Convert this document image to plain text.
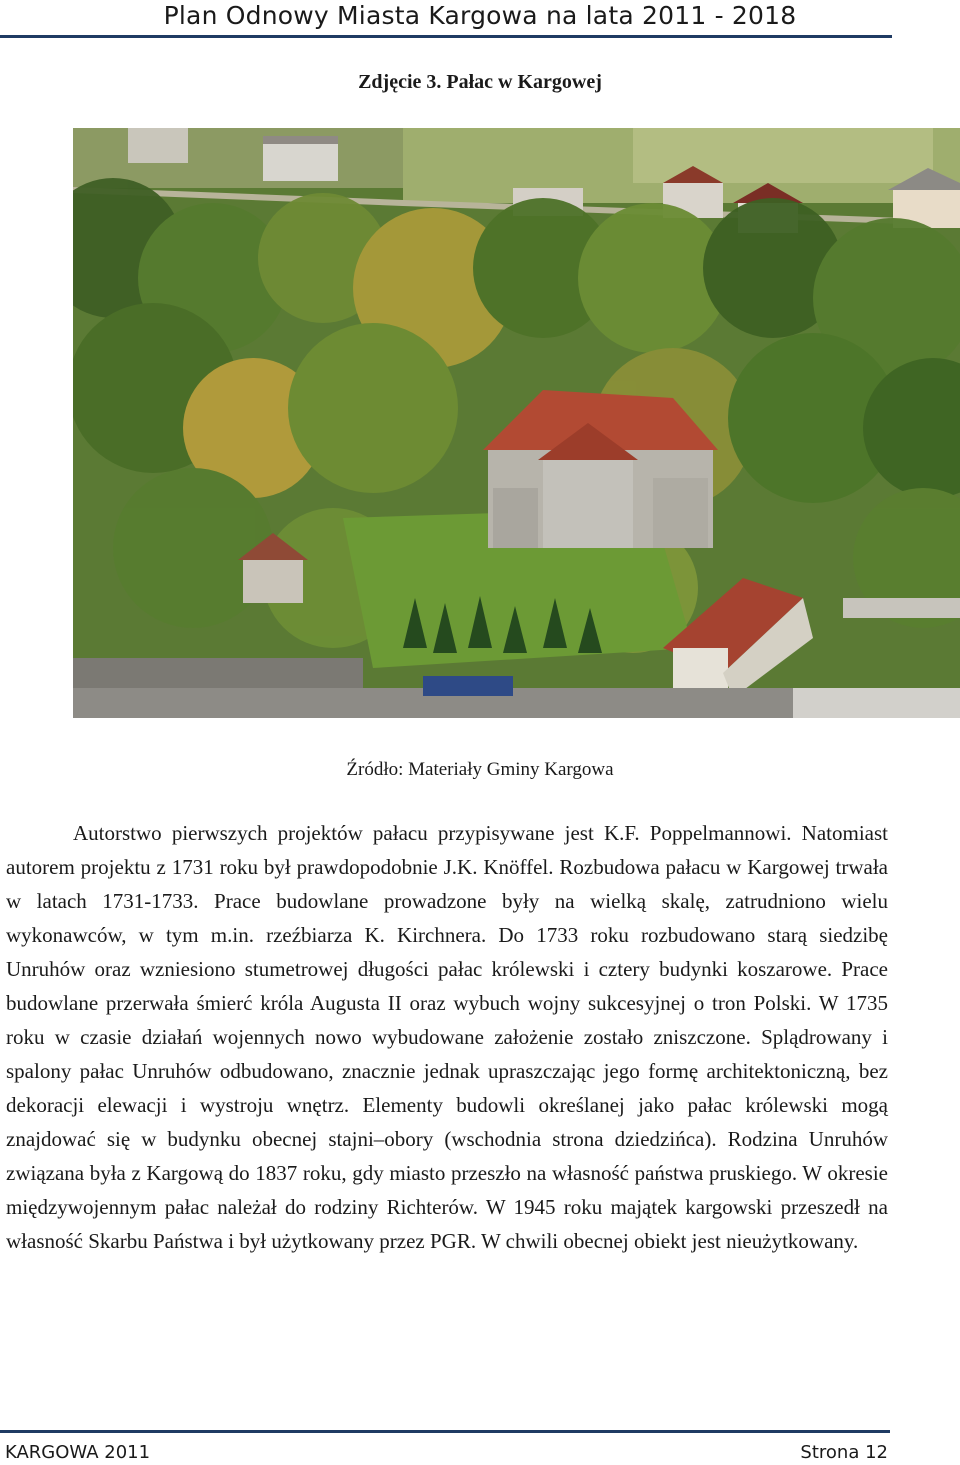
Plan Odnowy Miasta Kargowa na lata 2011 - 2018
Zdjęcie 3. Pałac w Kargowej
Źródło: Materiały Gminy Kargowa

Autorstwo pierwszych projektów pałacu przypisywane jest K.F. Poppelmannowi. Natomiast autorem projektu z 1731 roku był prawdopodobnie J.K. Knöffel. Rozbudowa pałacu w Kargowej trwała w latach 1731-1733. Prace budowlane prowadzone były na wielką skalę, zatrudniono wielu wykonawców, w tym m.in. rzeźbiarza K. Kirchnera. Do 1733 roku rozbudowano starą siedzibę Unruhów oraz wzniesiono stumetrowej długości pałac królewski i cztery budynki koszarowe. Prace budowlane przerwała śmierć króla Augusta II oraz wybuch wojny sukcesyjnej o tron Polski. W 1735 roku w czasie działań wojennych nowo wybudowane założenie zostało zniszczone. Splądrowany i spalony pałac Unruhów odbudowano, znacznie jednak upraszczając jego formę architektoniczną, bez dekoracji elewacji i wystroju wnętrz. Elementy budowli określanej jako pałac królewski mogą znajdować się w budynku obecnej stajni–obory (wschodnia strona dziedzińca). Rodzina Unruhów związana była z Kargową do 1837 roku, gdy miasto przeszło na własność państwa pruskiego. W okresie międzywojennym pałac należał do rodziny Richterów. W 1945 roku majątek kargowski przeszedł na własność Skarbu Państwa i był użytkowany przez PGR. W chwili obecnej obiekt jest nieużytkowany.

KARGOWA 2011	Strona 12
